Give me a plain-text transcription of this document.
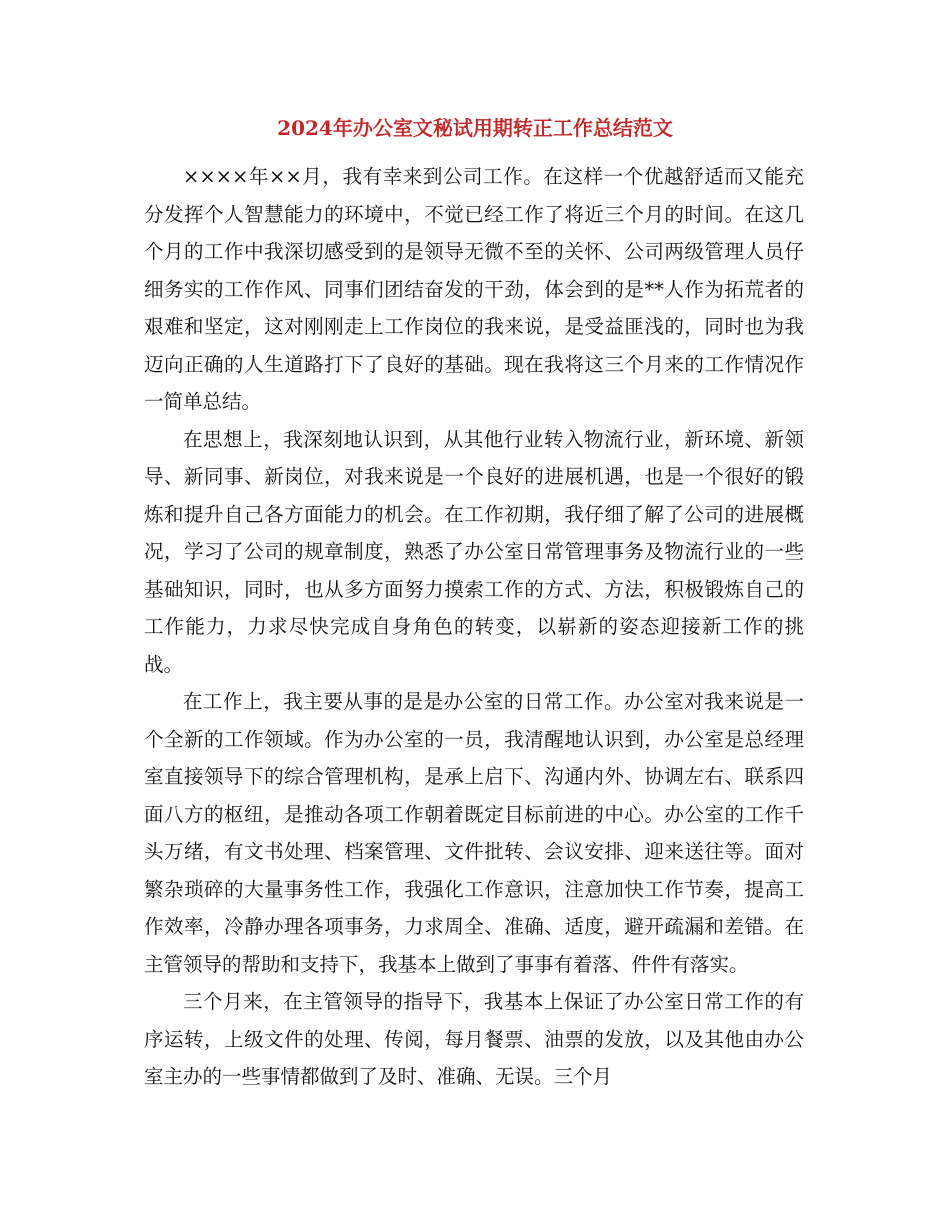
2024年办公室文秘试用期转正工作总结范文

××××年××月，我有幸来到公司工作。在这样一个优越舒适而又能充分发挥个人智慧能力的环境中，不觉已经工作了将近三个月的时间。在这几个月的工作中我深切感受到的是领导无微不至的关怀、公司两级管理人员仔细务实的工作作风、同事们团结奋发的干劲，体会到的是**人作为拓荒者的艰难和坚定，这对刚刚走上工作岗位的我来说，是受益匪浅的，同时也为我迈向正确的人生道路打下了良好的基础。现在我将这三个月来的工作情况作一简单总结。

在思想上，我深刻地认识到，从其他行业转入物流行业，新环境、新领导、新同事、新岗位，对我来说是一个良好的进展机遇，也是一个很好的锻炼和提升自己各方面能力的机会。在工作初期，我仔细了解了公司的进展概况，学习了公司的规章制度，熟悉了办公室日常管理事务及物流行业的一些基础知识，同时，也从多方面努力摸索工作的方式、方法，积极锻炼自己的工作能力，力求尽快完成自身角色的转变，以崭新的姿态迎接新工作的挑战。

在工作上，我主要从事的是是办公室的日常工作。办公室对我来说是一个全新的工作领域。作为办公室的一员，我清醒地认识到，办公室是总经理室直接领导下的综合管理机构，是承上启下、沟通内外、协调左右、联系四面八方的枢纽，是推动各项工作朝着既定目标前进的中心。办公室的工作千头万绪，有文书处理、档案管理、文件批转、会议安排、迎来送往等。面对繁杂琐碎的大量事务性工作，我强化工作意识，注意加快工作节奏，提高工作效率，冷静办理各项事务，力求周全、准确、适度，避开疏漏和差错。在主管领导的帮助和支持下，我基本上做到了事事有着落、件件有落实。

三个月来，在主管领导的指导下，我基本上保证了办公室日常工作的有序运转，上级文件的处理、传阅，每月餐票、油票的发放，以及其他由办公室主办的一些事情都做到了及时、准确、无误。三个月
